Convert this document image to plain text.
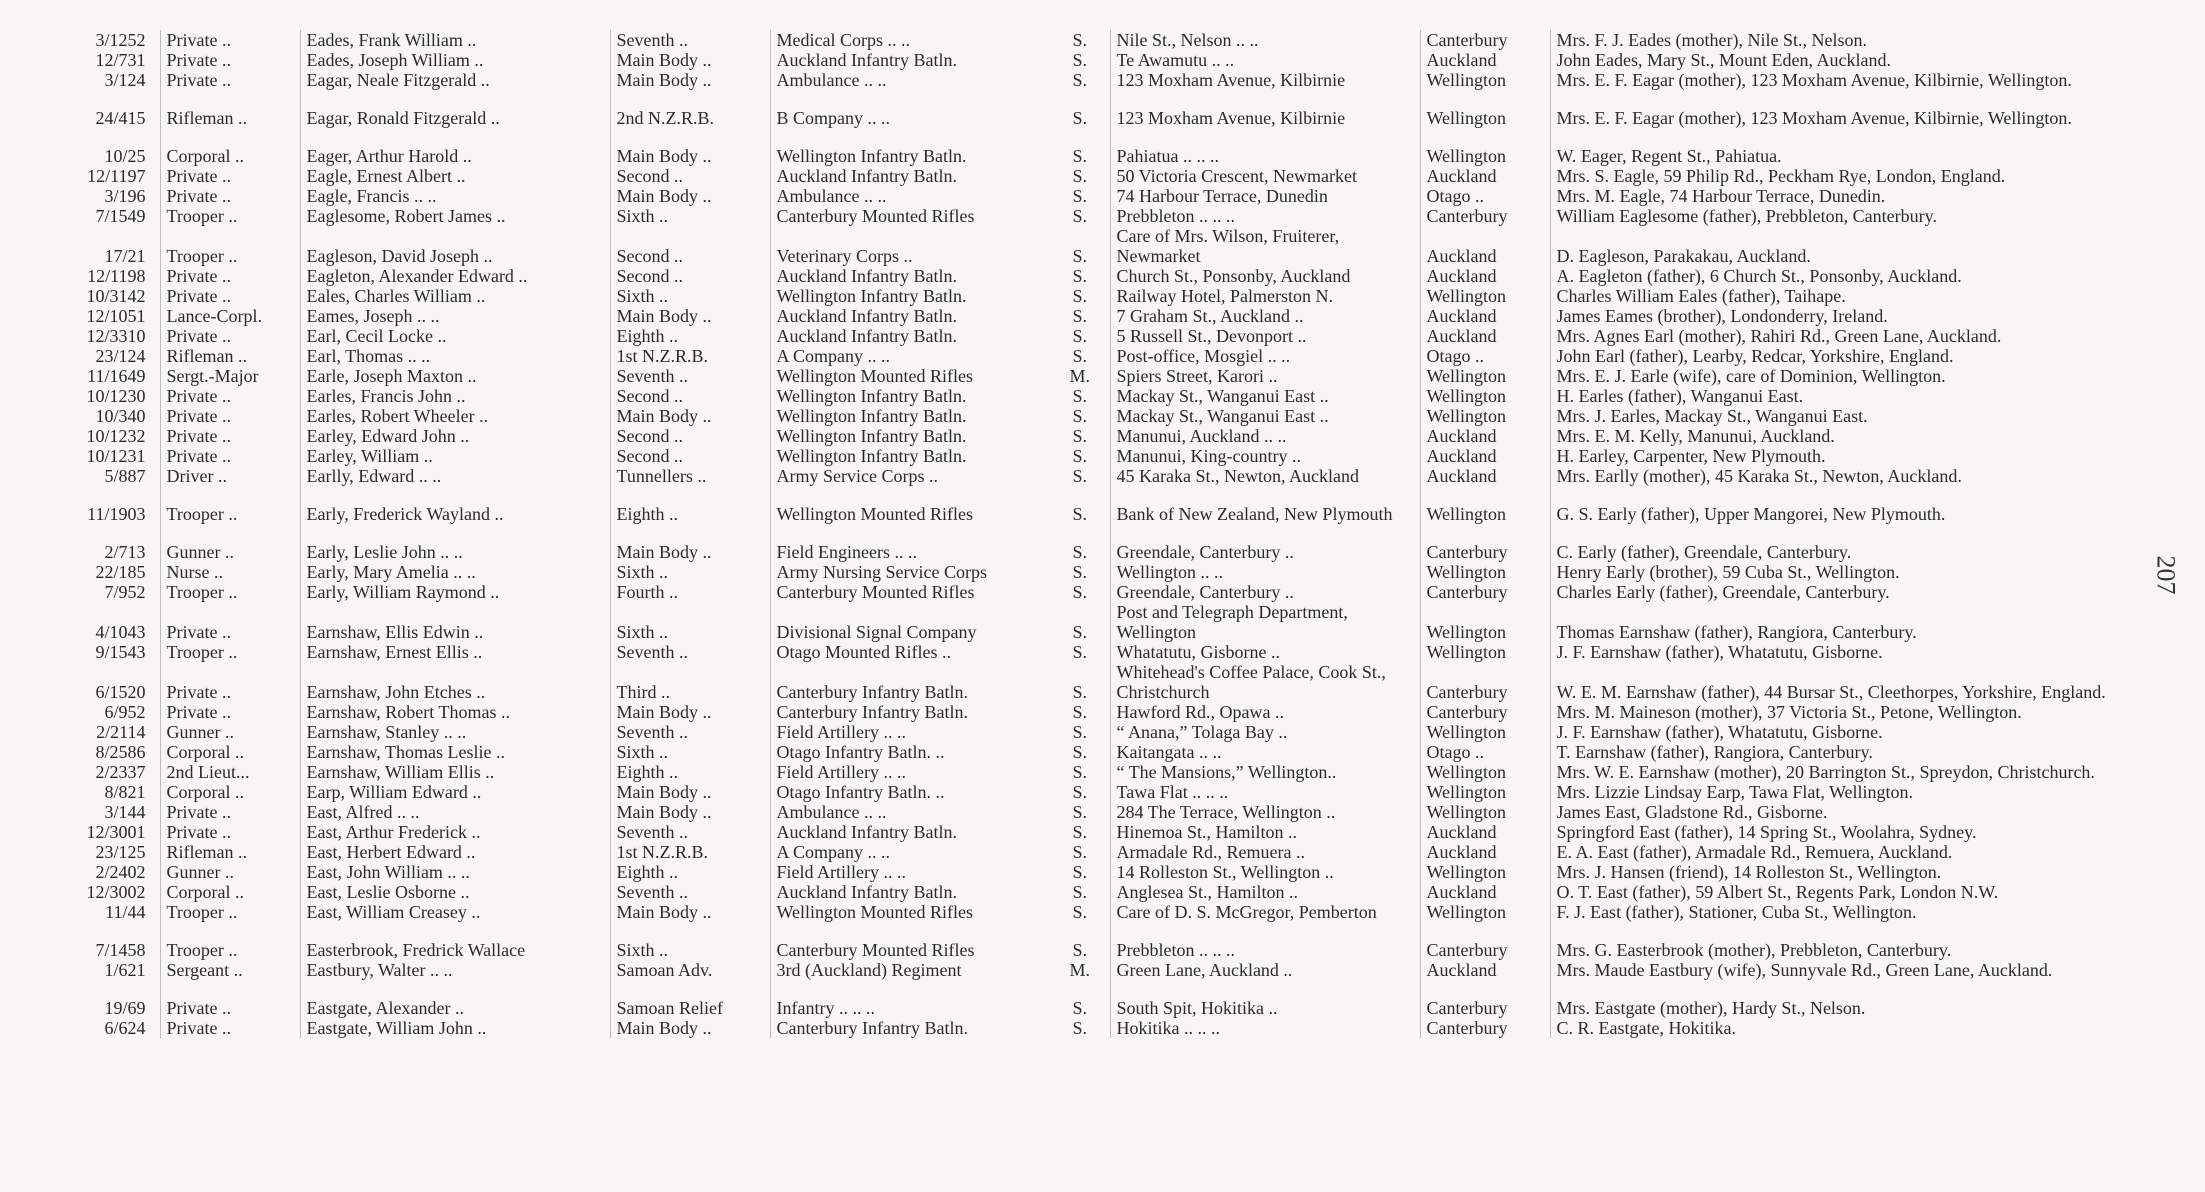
3/1252	Private ..	Eades, Frank William ..	Seventh ..	Medical Corps .. ..	S.	Nile St., Nelson .. ..	Canterbury	Mrs. F. J. Eades (mother), Nile St., Nelson.
12/731	Private ..	Eades, Joseph William ..	Main Body ..	Auckland Infantry Batln.	S.	Te Awamutu .. ..	Auckland	John Eades, Mary St., Mount Eden, Auckland.
3/124	Private ..	Eagar, Neale Fitzgerald ..	Main Body ..	Ambulance .. ..	S.	123 Moxham Avenue, Kilbirnie	Wellington	Mrs. E. F. Eagar (mother), 123 Moxham Avenue, Kilbirnie, Wellington.
24/415	Rifleman ..	Eagar, Ronald Fitzgerald ..	2nd N.Z.R.B.	B Company .. ..	S.	123 Moxham Avenue, Kilbirnie	Wellington	Mrs. E. F. Eagar (mother), 123 Moxham Avenue, Kilbirnie, Wellington.
10/25	Corporal ..	Eager, Arthur Harold ..	Main Body ..	Wellington Infantry Batln.	S.	Pahiatua .. .. ..	Wellington	W. Eager, Regent St., Pahiatua.
12/1197	Private ..	Eagle, Ernest Albert ..	Second ..	Auckland Infantry Batln.	S.	50 Victoria Crescent, Newmarket	Auckland	Mrs. S. Eagle, 59 Philip Rd., Peckham Rye, London, England.
3/196	Private ..	Eagle, Francis .. ..	Main Body ..	Ambulance .. ..	S.	74 Harbour Terrace, Dunedin	Otago ..	Mrs. M. Eagle, 74 Harbour Terrace, Dunedin.
7/1549	Trooper ..	Eaglesome, Robert James ..	Sixth ..	Canterbury Mounted Rifles	S.	Prebbleton .. .. ..	Canterbury	William Eaglesome (father), Prebbleton, Canterbury.
17/21	Trooper ..	Eagleson, David Joseph ..	Second ..	Veterinary Corps ..	S.	Care of Mrs. Wilson, Fruiterer, Newmarket	Auckland	D. Eagleson, Parakakau, Auckland.
12/1198	Private ..	Eagleton, Alexander Edward ..	Second ..	Auckland Infantry Batln.	S.	Church St., Ponsonby, Auckland	Auckland	A. Eagleton (father), 6 Church St., Ponsonby, Auckland.
10/3142	Private ..	Eales, Charles William ..	Sixth ..	Wellington Infantry Batln.	S.	Railway Hotel, Palmerston N.	Wellington	Charles William Eales (father), Taihape.
12/1051	Lance-Corpl.	Eames, Joseph .. ..	Main Body ..	Auckland Infantry Batln.	S.	7 Graham St., Auckland ..	Auckland	James Eames (brother), Londonderry, Ireland.
12/3310	Private ..	Earl, Cecil Locke ..	Eighth ..	Auckland Infantry Batln.	S.	5 Russell St., Devonport ..	Auckland	Mrs. Agnes Earl (mother), Rahiri Rd., Green Lane, Auckland.
23/124	Rifleman ..	Earl, Thomas .. ..	1st N.Z.R.B.	A Company .. ..	S.	Post-office, Mosgiel .. ..	Otago ..	John Earl (father), Learby, Redcar, Yorkshire, England.
11/1649	Sergt.-Major	Earle, Joseph Maxton ..	Seventh ..	Wellington Mounted Rifles	M.	Spiers Street, Karori ..	Wellington	Mrs. E. J. Earle (wife), care of Dominion, Wellington.
10/1230	Private ..	Earles, Francis John ..	Second ..	Wellington Infantry Batln.	S.	Mackay St., Wanganui East ..	Wellington	H. Earles (father), Wanganui East.
10/340	Private ..	Earles, Robert Wheeler ..	Main Body ..	Wellington Infantry Batln.	S.	Mackay St., Wanganui East ..	Wellington	Mrs. J. Earles, Mackay St., Wanganui East.
10/1232	Private ..	Earley, Edward John ..	Second ..	Wellington Infantry Batln.	S.	Manunui, Auckland .. ..	Auckland	Mrs. E. M. Kelly, Manunui, Auckland.
10/1231	Private ..	Earley, William ..	Second ..	Wellington Infantry Batln.	S.	Manunui, King-country ..	Auckland	H. Earley, Carpenter, New Plymouth.
5/887	Driver ..	Earlly, Edward .. ..	Tunnellers ..	Army Service Corps ..	S.	45 Karaka St., Newton, Auckland	Auckland	Mrs. Earlly (mother), 45 Karaka St., Newton, Auckland.
11/1903	Trooper ..	Early, Frederick Wayland ..	Eighth ..	Wellington Mounted Rifles	S.	Bank of New Zealand, New Plymouth	Wellington	G. S. Early (father), Upper Mangorei, New Plymouth.
2/713	Gunner ..	Early, Leslie John .. ..	Main Body ..	Field Engineers .. ..	S.	Greendale, Canterbury ..	Canterbury	C. Early (father), Greendale, Canterbury.
22/185	Nurse ..	Early, Mary Amelia .. ..	Sixth ..	Army Nursing Service Corps	S.	Wellington .. ..	Wellington	Henry Early (brother), 59 Cuba St., Wellington.
7/952	Trooper ..	Early, William Raymond ..	Fourth ..	Canterbury Mounted Rifles	S.	Greendale, Canterbury ..	Canterbury	Charles Early (father), Greendale, Canterbury.
4/1043	Private ..	Earnshaw, Ellis Edwin ..	Sixth ..	Divisional Signal Company	S.	Post and Telegraph Department, Wellington	Wellington	Thomas Earnshaw (father), Rangiora, Canterbury.
9/1543	Trooper ..	Earnshaw, Ernest Ellis ..	Seventh ..	Otago Mounted Rifles ..	S.	Whatatutu, Gisborne ..	Wellington	J. F. Earnshaw (father), Whatatutu, Gisborne.
6/1520	Private ..	Earnshaw, John Etches ..	Third ..	Canterbury Infantry Batln.	S.	Whitehead's Coffee Palace, Cook St., Christchurch	Canterbury	W. E. M. Earnshaw (father), 44 Bursar St., Cleethorpes, Yorkshire, England.
6/952	Private ..	Earnshaw, Robert Thomas ..	Main Body ..	Canterbury Infantry Batln.	S.	Hawford Rd., Opawa ..	Canterbury	Mrs. M. Maineson (mother), 37 Victoria St., Petone, Wellington.
2/2114	Gunner ..	Earnshaw, Stanley .. ..	Seventh ..	Field Artillery .. ..	S.	“ Anana,” Tolaga Bay ..	Wellington	J. F. Earnshaw (father), Whatatutu, Gisborne.
8/2586	Corporal ..	Earnshaw, Thomas Leslie ..	Sixth ..	Otago Infantry Batln. ..	S.	Kaitangata .. ..	Otago ..	T. Earnshaw (father), Rangiora, Canterbury.
2/2337	2nd Lieut...	Earnshaw, William Ellis ..	Eighth ..	Field Artillery .. ..	S.	“ The Mansions,” Wellington..	Wellington	Mrs. W. E. Earnshaw (mother), 20 Barrington St., Spreydon, Christchurch.
8/821	Corporal ..	Earp, William Edward ..	Main Body ..	Otago Infantry Batln. ..	S.	Tawa Flat .. .. ..	Wellington	Mrs. Lizzie Lindsay Earp, Tawa Flat, Wellington.
3/144	Private ..	East, Alfred .. ..	Main Body ..	Ambulance .. ..	S.	284 The Terrace, Wellington ..	Wellington	James East, Gladstone Rd., Gisborne.
12/3001	Private ..	East, Arthur Frederick ..	Seventh ..	Auckland Infantry Batln.	S.	Hinemoa St., Hamilton ..	Auckland	Springford East (father), 14 Spring St., Woolahra, Sydney.
23/125	Rifleman ..	East, Herbert Edward ..	1st N.Z.R.B.	A Company .. ..	S.	Armadale Rd., Remuera ..	Auckland	E. A. East (father), Armadale Rd., Remuera, Auckland.
2/2402	Gunner ..	East, John William .. ..	Eighth ..	Field Artillery .. ..	S.	14 Rolleston St., Wellington ..	Wellington	Mrs. J. Hansen (friend), 14 Rolleston St., Wellington.
12/3002	Corporal ..	East, Leslie Osborne ..	Seventh ..	Auckland Infantry Batln.	S.	Anglesea St., Hamilton ..	Auckland	O. T. East (father), 59 Albert St., Regents Park, London N.W.
11/44	Trooper ..	East, William Creasey ..	Main Body ..	Wellington Mounted Rifles	S.	Care of D. S. McGregor, Pemberton	Wellington	F. J. East (father), Stationer, Cuba St., Wellington.
7/1458	Trooper ..	Easterbrook, Fredrick Wallace	Sixth ..	Canterbury Mounted Rifles	S.	Prebbleton .. .. ..	Canterbury	Mrs. G. Easterbrook (mother), Prebbleton, Canterbury.
1/621	Sergeant ..	Eastbury, Walter .. ..	Samoan Adv.	3rd (Auckland) Regiment	M.	Green Lane, Auckland ..	Auckland	Mrs. Maude Eastbury (wife), Sunnyvale Rd., Green Lane, Auckland.
19/69	Private ..	Eastgate, Alexander ..	Samoan Relief	Infantry .. .. ..	S.	South Spit, Hokitika ..	Canterbury	Mrs. Eastgate (mother), Hardy St., Nelson.
6/624	Private ..	Eastgate, William John ..	Main Body ..	Canterbury Infantry Batln.	S.	Hokitika .. .. ..	Canterbury	C. R. Eastgate, Hokitika.
207
